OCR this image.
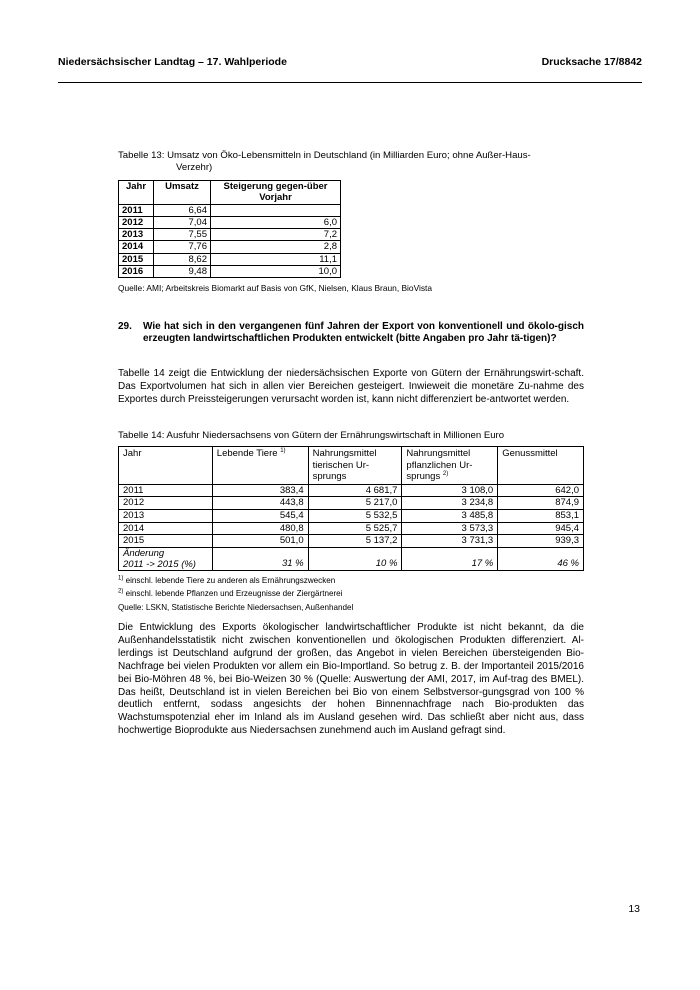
Niedersächsischer Landtag – 17. Wahlperiode	Drucksache 17/8842
Tabelle 13: Umsatz von Öko-Lebensmitteln in Deutschland (in Milliarden Euro; ohne Außer-Haus-
Verzehr)
Jahr	Umsatz	Steigerung gegen-über Vorjahr
2011	6,64	
2012	7,04	6,0
2013	7,55	7,2
2014	7,76	2,8
2015	8,62	11,1
2016	9,48	10,0
Quelle: AMI; Arbeitskreis Biomarkt auf Basis von GfK, Nielsen, Klaus Braun, BioVista
29.	Wie hat sich in den vergangenen fünf Jahren der Export von konventionell und ökolo-gisch erzeugten landwirtschaftlichen Produkten entwickelt (bitte Angaben pro Jahr tä-tigen)?
Tabelle 14 zeigt die Entwicklung der niedersächsischen Exporte von Gütern der Ernährungswirt-schaft. Das Exportvolumen hat sich in allen vier Bereichen gesteigert. Inwieweit die monetäre Zu-nahme des Exportes durch Preissteigerungen verursacht worden ist, kann nicht differenziert be-antwortet werden.
Tabelle 14: Ausfuhr Niedersachsens von Gütern der Ernährungswirtschaft in Millionen Euro
Jahr	Lebende Tiere $^{1)}$	Nahrungsmittel tierischen Ur-sprungs	Nahrungsmittel pflanzlichen Ur-sprungs $^{2)}$	Genussmittel
2011	383,4	4 681,7	3 108,0	642,0
2012	443,8	5 217,0	3 234,8	874,9
2013	545,4	5 532,5	3 485,8	853,1
2014	480,8	5 525,7	3 573,3	945,4
2015	501,0	5 137,2	3 731,3	939,3

Änderung
2011 -> 2015 (%)	31 %	10 %	17 %	46 %
$^{1)}$ einschl. lebende Tiere zu anderen als Ernährungszwecken
$^{2)}$ einschl. lebende Pflanzen und Erzeugnisse der Ziergärtnerei
Quelle: LSKN, Statistische Berichte Niedersachsen, Außenhandel
Die Entwicklung des Exports ökologischer landwirtschaftlicher Produkte ist nicht bekannt, da die Außenhandelsstatistik nicht zwischen konventionellen und ökologischen Produkten differenziert. Al-lerdings ist Deutschland aufgrund der großen, das Angebot in vielen Bereichen übersteigenden Bio-Nachfrage bei vielen Produkten vor allem ein Bio-Importland. So betrug z. B. der Importanteil 2015/2016 bei Bio-Möhren 48 %, bei Bio-Weizen 30 % (Quelle: Auswertung der AMI, 2017, im Auf-trag des BMEL). Das heißt, Deutschland ist in vielen Bereichen bei Bio von einem Selbstversor-gungsgrad von 100 % deutlich entfernt, sodass angesichts der hohen Binnennachfrage nach Bio-produkten das Wachstumspotenzial eher im Inland als im Ausland gesehen wird. Das schließt aber nicht aus, dass hochwertige Bioprodukte aus Niedersachsen zunehmend auch im Ausland gefragt sind.
13
